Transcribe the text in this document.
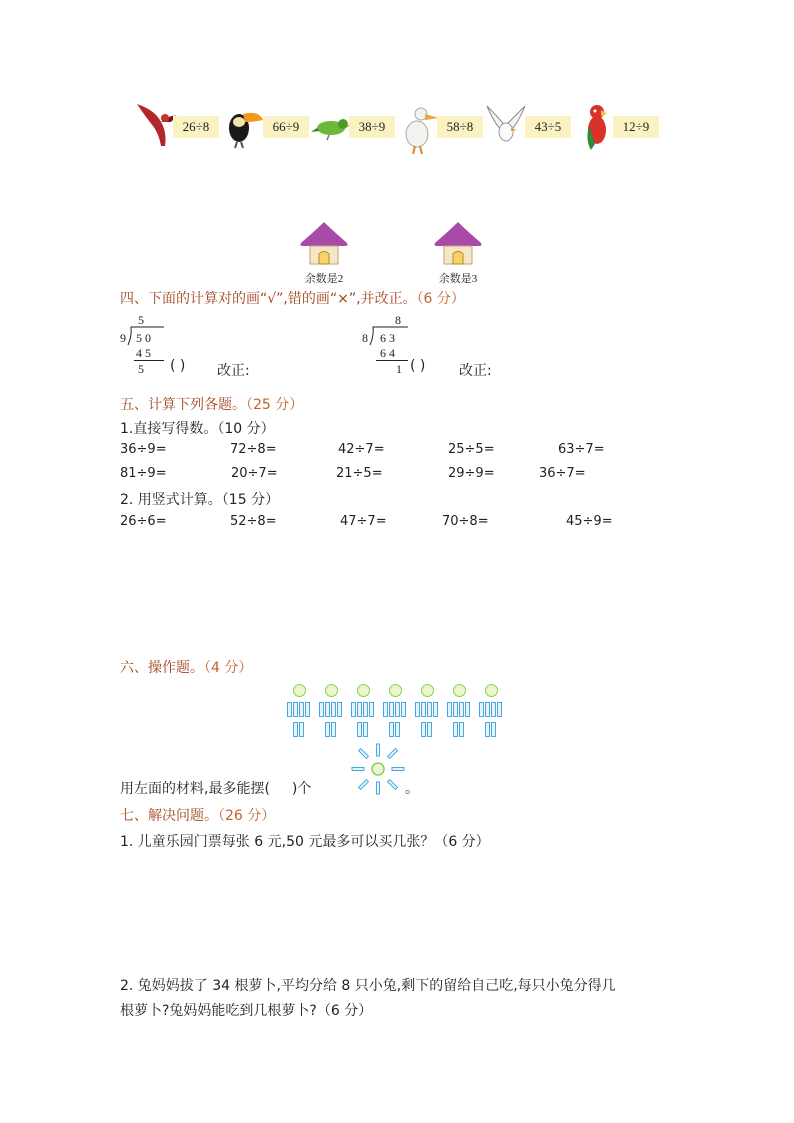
26÷8	66÷9	38÷9	58÷8	43÷5	12÷9
余数是2	余数是3
四、下面的计算对的画“√”,错的画“×”,并改正。（6 分）
5
9 5 0
4 5
5 ( ) 改正:
8
8 6 3
6 4
1 ( ) 改正:
五、计算下列各题。（25 分）
1.直接写得数。（10 分）
36÷9=	72÷8=	42÷7=	25÷5=	63÷7=
81÷9=	20÷7=	21÷5=	29÷9=	36÷7=
2. 用竖式计算。（15 分）
26÷6=	52÷8=	47÷7=	70÷8=	45÷9=
六、操作题。（4 分）
用左面的材料,最多能摆( )个	。
七、解决问题。（26 分）
1. 儿童乐园门票每张 6 元,50 元最多可以买几张？（6 分）
2. 兔妈妈拔了 34 根萝卜,平均分给 8 只小兔,剩下的留给自己吃,每只小兔分得几
根萝卜?兔妈妈能吃到几根萝卜?（6 分）
